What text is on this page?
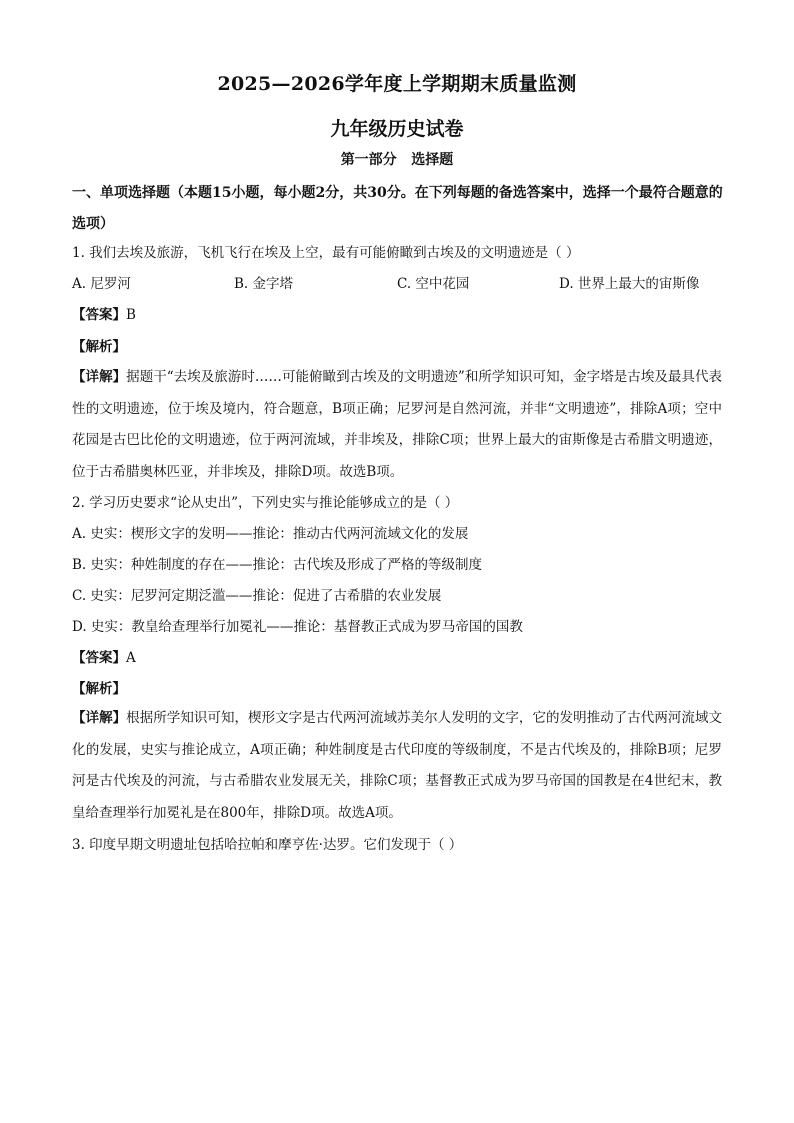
2025—2026学年度上学期期末质量监测
九年级历史试卷
第一部分   选择题
一、单项选择题（本题15小题，每小题2分，共30分。在下列每题的备选答案中，选择一个最符合题意的选项）
1. 我们去埃及旅游，飞机飞行在埃及上空，最有可能俯瞰到古埃及的文明遗迹是（ ）
A. 尼罗河	B. 金字塔	C. 空中花园	D. 世界上最大的宙斯像
【答案】B
【解析】
【详解】据题干“去埃及旅游时……可能俯瞰到古埃及的文明遗迹”和所学知识可知，金字塔是古埃及最具代表性的文明遗迹，位于埃及境内，符合题意，B项正确；尼罗河是自然河流，并非“文明遗迹”，排除A项；空中花园是古巴比伦的文明遗迹，位于两河流域，并非埃及，排除C项；世界上最大的宙斯像是古希腊文明遗迹，位于古希腊奥林匹亚，并非埃及，排除D项。故选B项。
2. 学习历史要求“论从史出”，下列史实与推论能够成立的是（ ）
A. 史实：楔形文字的发明——推论：推动古代两河流域文化的发展
B. 史实：种姓制度的存在——推论：古代埃及形成了严格的等级制度
C. 史实：尼罗河定期泛滥——推论：促进了古希腊的农业发展
D. 史实：教皇给查理举行加冕礼——推论：基督教正式成为罗马帝国的国教
【答案】A
【解析】
【详解】根据所学知识可知，楔形文字是古代两河流域苏美尔人发明的文字，它的发明推动了古代两河流域文化的发展，史实与推论成立，A项正确；种姓制度是古代印度的等级制度，不是古代埃及的，排除B项；尼罗河是古代埃及的河流，与古希腊农业发展无关，排除C项；基督教正式成为罗马帝国的国教是在4世纪末，教皇给查理举行加冕礼是在800年，排除D项。故选A项。
3. 印度早期文明遗址包括哈拉帕和摩亨佐·达罗。它们发现于（ ）
